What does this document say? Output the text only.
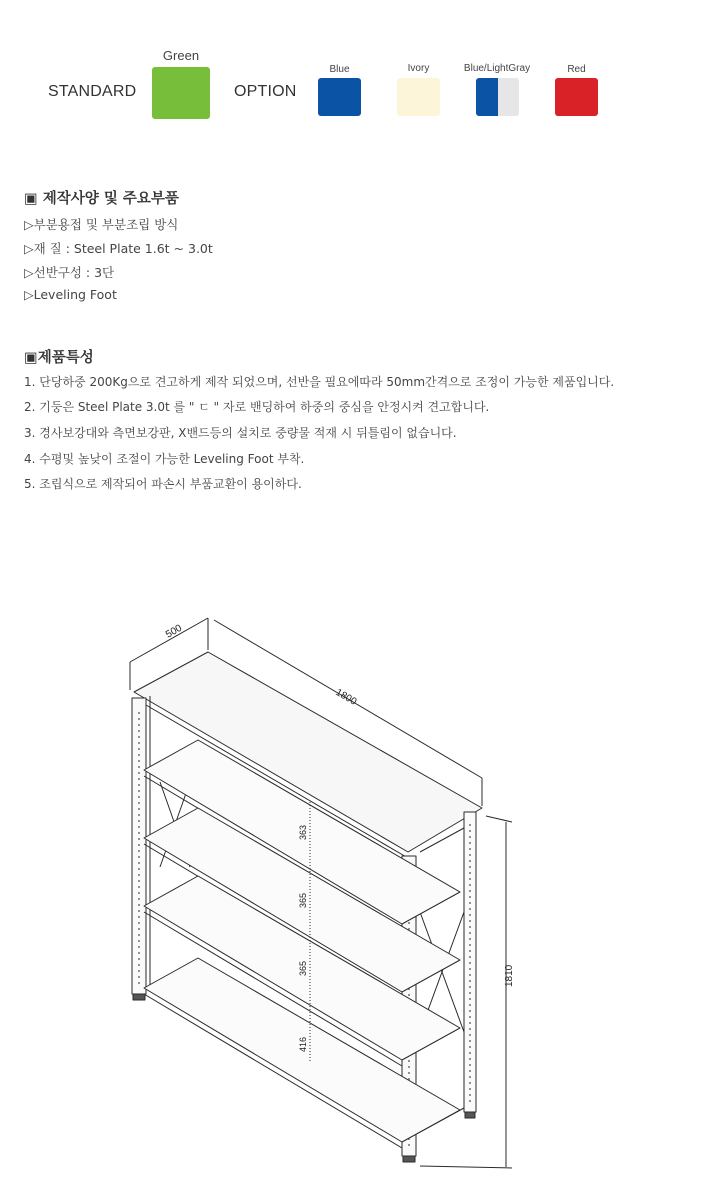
STANDARD
Green
OPTION
Blue	Ivory	Blue/LightGray	Red
▣ 제작사양 및 주요부품
▷부분용접 및 부분조립 방식
▷재 질 : Steel Plate 1.6t ~ 3.0t
▷선반구성 : 3단
▷Leveling Foot
▣제품특성
1. 단당하중 200Kg으로 견고하게 제작 되었으며, 선반을 필요에따라 50mm간격으로 조정이 가능한 제품입니다.
2. 기둥은 Steel Plate 3.0t 를 " ㄷ " 자로 밴딩하여 하중의 중심을 안정시켜 견고합니다.
3. 경사보강대와 측면보강판, X밴드등의 설치로 중량물 적재 시 뒤틀림이 없습니다.
4. 수평및 높낮이 조절이 가능한 Leveling Foot 부착.
5. 조립식으로 제작되어 파손시 부품교환이 용이하다.
500
1800
1810
363
365
365
416
